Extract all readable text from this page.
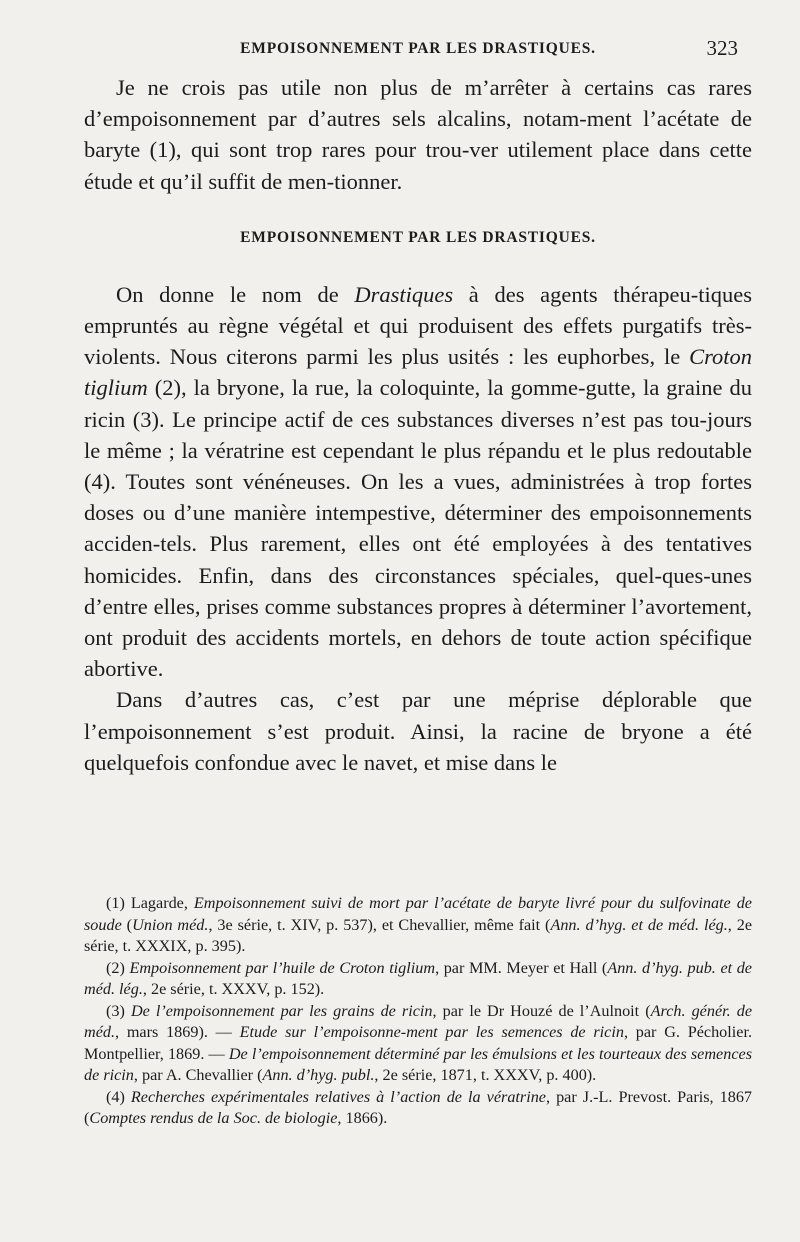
EMPOISONNEMENT PAR LES DRASTIQUES.	323

Je ne crois pas utile non plus de m’arrêter à certains cas rares d’empoisonnement par d’autres sels alcalins, notam-ment l’acétate de baryte (1), qui sont trop rares pour trou-ver utilement place dans cette étude et qu’il suffit de men-tionner.

EMPOISONNEMENT PAR LES DRASTIQUES.

On donne le nom de Drastiques à des agents thérapeu-tiques empruntés au règne végétal et qui produisent des effets purgatifs très-violents. Nous citerons parmi les plus usités : les euphorbes, le Croton tiglium (2), la bryone, la rue, la coloquinte, la gomme-gutte, la graine du ricin (3). Le principe actif de ces substances diverses n’est pas tou-jours le même ; la vératrine est cependant le plus répandu et le plus redoutable (4). Toutes sont vénéneuses. On les a vues, administrées à trop fortes doses ou d’une manière intempestive, déterminer des empoisonnements acciden-tels. Plus rarement, elles ont été employées à des tentatives homicides. Enfin, dans des circonstances spéciales, quel-ques-unes d’entre elles, prises comme substances propres à déterminer l’avortement, ont produit des accidents mortels, en dehors de toute action spécifique abortive.

Dans d’autres cas, c’est par une méprise déplorable que l’empoisonnement s’est produit. Ainsi, la racine de bryone a été quelquefois confondue avec le navet, et mise dans le

(1) Lagarde, Empoisonnement suivi de mort par l’acétate de baryte livré pour du sulfovinate de soude (Union méd., 3e série, t. XIV, p. 537), et Chevallier, même fait (Ann. d’hyg. et de méd. lég., 2e série, t. XXXIX, p. 395).

(2) Empoisonnement par l’huile de Croton tiglium, par MM. Meyer et Hall (Ann. d’hyg. pub. et de méd. lég., 2e série, t. XXXV, p. 152).

(3) De l’empoisonnement par les grains de ricin, par le Dr Houzé de l’Aulnoit (Arch. génér. de méd., mars 1869). — Etude sur l’empoisonne-ment par les semences de ricin, par G. Pécholier. Montpellier, 1869. — De l’empoisonnement déterminé par les émulsions et les tourteaux des semences de ricin, par A. Chevallier (Ann. d’hyg. publ., 2e série, 1871, t. XXXV, p. 400).

(4) Recherches expérimentales relatives à l’action de la vératrine, par J.-L. Prevost. Paris, 1867 (Comptes rendus de la Soc. de biologie, 1866).
